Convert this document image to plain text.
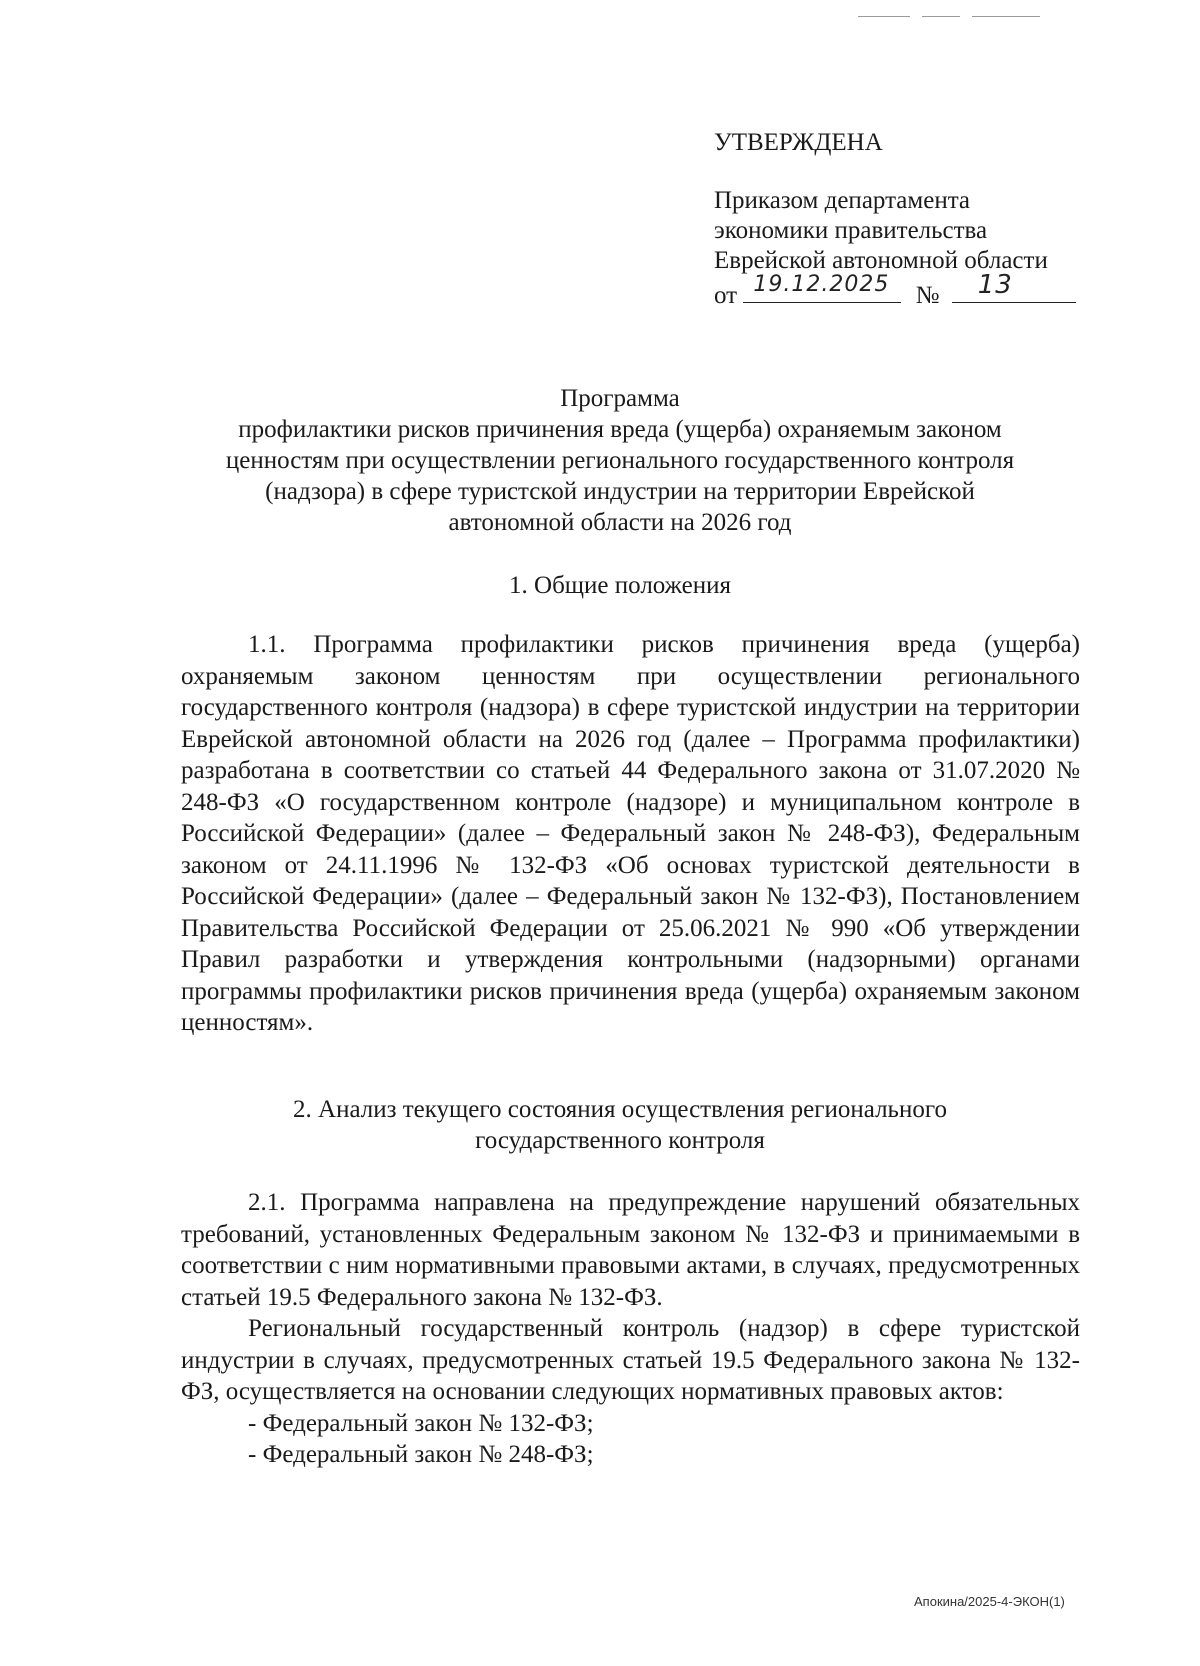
УТВЕРЖДЕНА
Приказом департамента
экономики правительства
Еврейской автономной области
от 19.12.2025 № 13
Программа
профилактики рисков причинения вреда (ущерба) охраняемым законом
ценностям при осуществлении регионального государственного контроля
(надзора) в сфере туристской индустрии на территории Еврейской
автономной области на 2026 год
1. Общие положения

1.1. Программа профилактики рисков причинения вреда (ущерба) охраняемым законом ценностям при осуществлении регионального государственного контроля (надзора) в сфере туристской индустрии на территории Еврейской автономной области на 2026 год (далее – Программа профилактики) разработана в соответствии со статьей 44 Федерального закона от 31.07.2020 № 248-ФЗ «О государственном контроле (надзоре) и муниципальном контроле в Российской Федерации» (далее – Федеральный закон № 248-ФЗ), Федеральным законом от 24.11.1996 № 132-ФЗ «Об основах туристской деятельности в Российской Федерации» (далее – Федеральный закон № 132-ФЗ), Постановлением Правительства Российской Федерации от 25.06.2021 № 990 «Об утверждении Правил разработки и утверждения контрольными (надзорными) органами программы профилактики рисков причинения вреда (ущерба) охраняемым законом ценностям».

2. Анализ текущего состояния осуществления регионального
государственного контроля

2.1. Программа направлена на предупреждение нарушений обязательных требований, установленных Федеральным законом № 132-ФЗ и принимаемыми в соответствии с ним нормативными правовыми актами, в случаях, предусмотренных статьей 19.5 Федерального закона № 132-ФЗ.

Региональный государственный контроль (надзор) в сфере туристской индустрии в случаях, предусмотренных статьей 19.5 Федерального закона № 132-ФЗ, осуществляется на основании следующих нормативных правовых актов:

- Федеральный закон № 132-ФЗ;

- Федеральный закон № 248-ФЗ;

Апокина/2025-4-ЭКОН(1)
